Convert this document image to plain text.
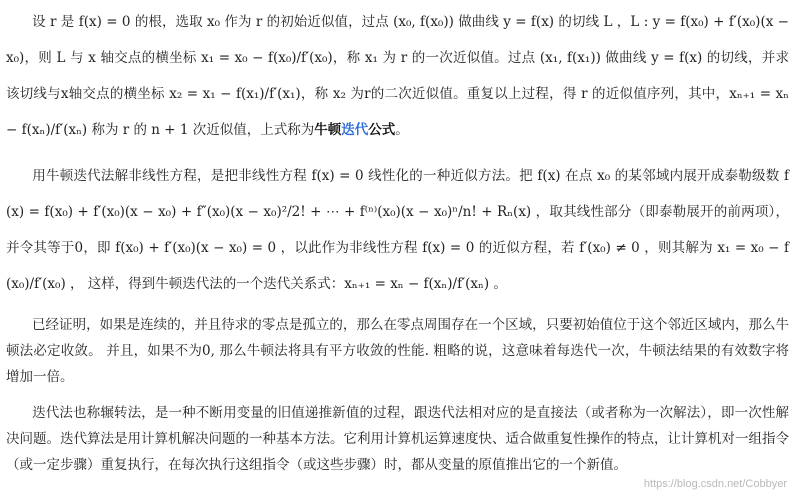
设 r 是 f(x) = 0 的根，选取 x₀ 作为 r 的初始近似值，过点 (x₀, f(x₀)) 做曲线 y = f(x) 的切线 L ，L : y = f(x₀) + f′(x₀)(x − x₀)，则 L 与 x 轴交点的横坐标 x₁ = x₀ − f(x₀)/f′(x₀)，称 x₁ 为 r 的一次近似值。过点 (x₁, f(x₁)) 做曲线 y = f(x) 的切线，并求该切线与x轴交点的横坐标 x₂ = x₁ − f(x₁)/f′(x₁)，称 x₂ 为r的二次近似值。重复以上过程，得 r 的近似值序列，其中，xₙ₊₁ = xₙ − f(xₙ)/f′(xₙ) 称为 r 的 n + 1 次近似值，上式称为牛顿迭代公式。

用牛顿迭代法解非线性方程，是把非线性方程 f(x) = 0 线性化的一种近似方法。把 f(x) 在点 x₀ 的某邻域内展开成泰勒级数 f(x) = f(x₀) + f′(x₀)(x − x₀) + f″(x₀)(x − x₀)²/2! + ⋯ + f⁽ⁿ⁾(x₀)(x − x₀)ⁿ/n! + Rₙ(x) ，取其线性部分（即泰勒展开的前两项），并令其等于0，即 f(x₀) + f′(x₀)(x − x₀) = 0 ，以此作为非线性方程 f(x) = 0 的近似方程，若 f′(x₀) ≠ 0 ，则其解为 x₁ = x₀ − f(x₀)/f′(x₀) ， 这样，得到牛顿迭代法的一个迭代关系式：xₙ₊₁ = xₙ − f(xₙ)/f′(xₙ) 。

已经证明，如果是连续的，并且待求的零点是孤立的，那么在零点周围存在一个区域，只要初始值位于这个邻近区域内，那么牛顿法必定收敛。 并且，如果不为0, 那么牛顿法将具有平方收敛的性能. 粗略的说，这意味着每迭代一次，牛顿法结果的有效数字将增加一倍。

迭代法也称辗转法，是一种不断用变量的旧值递推新值的过程，跟迭代法相对应的是直接法（或者称为一次解法），即一次性解决问题。迭代算法是用计算机解决问题的一种基本方法。它利用计算机运算速度快、适合做重复性操作的特点，让计算机对一组指令（或一定步骤）重复执行，在每次执行这组指令（或这些步骤）时，都从变量的原值推出它的一个新值。

https://blog.csdn.net/Cobbyer
